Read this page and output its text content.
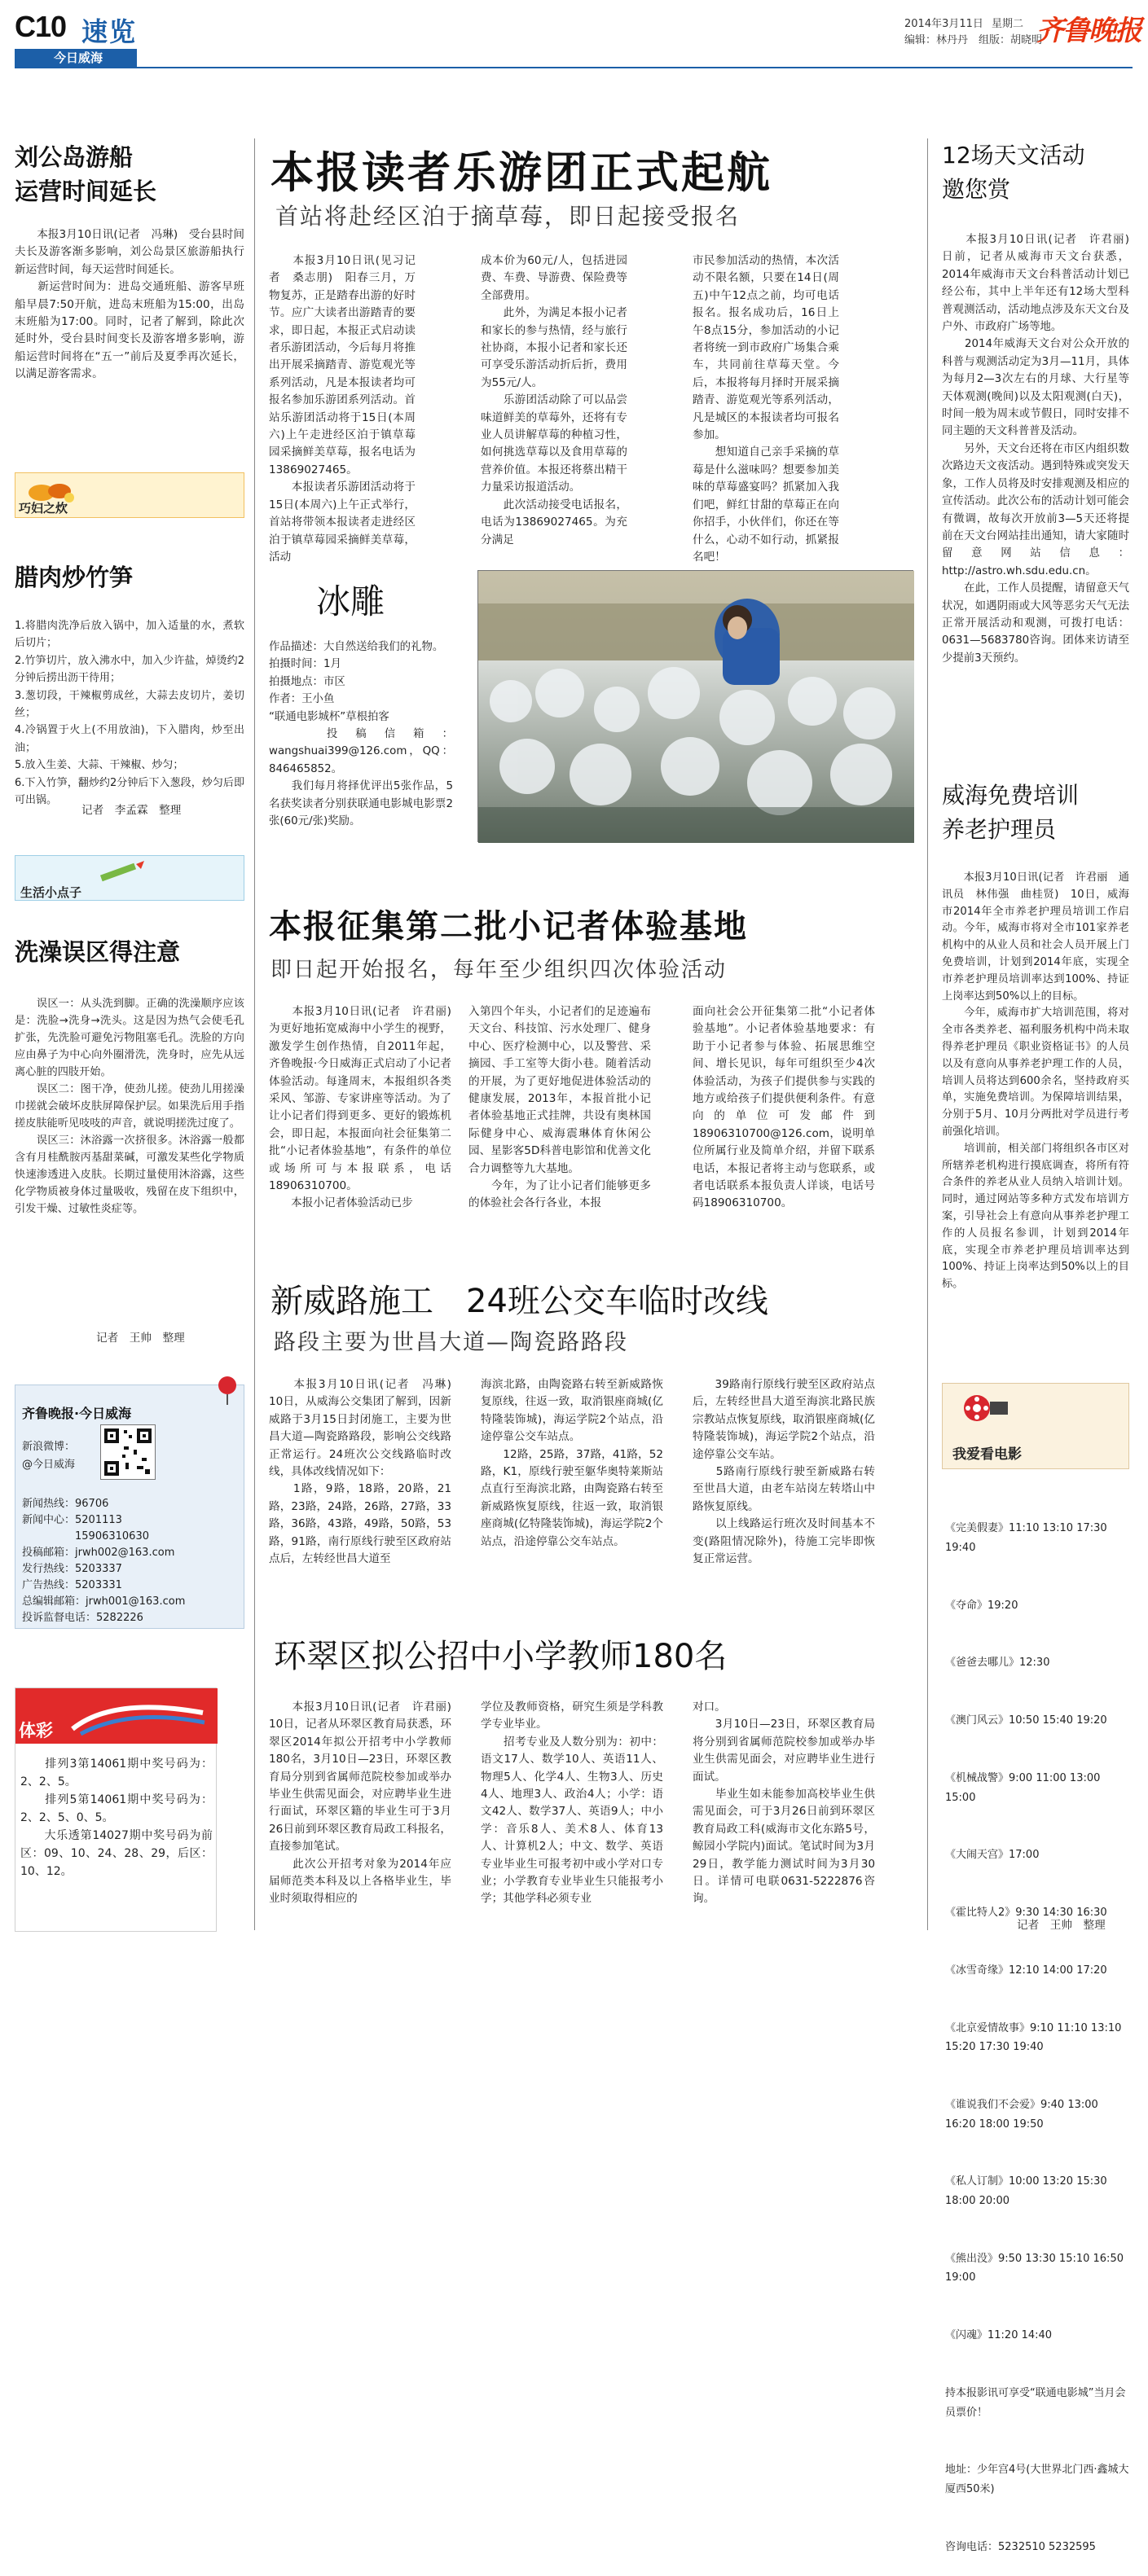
C10 速览
今日威海
2014年3月11日 星期二
编辑：林丹丹　组版：胡晓明
齐鲁晚报
刘公岛游船
运营时间延长
　　本报3月10日讯(记者　冯琳)　受台县时间夫长及游客渐多影响，刘公岛景区旅游船执行新运营时间，每天运营时间延长。
　　新运营时间为：进岛交通班船、游客早班船早晨7:50开航，进岛末班船为15:00，出岛末班船为17:00。同时，记者了解到，除此次延时外，受台县时间变长及游客增多影响，游船运营时间将在“五一”前后及夏季再次延长，以满足游客需求。
巧妇之炊
腊肉炒竹笋
1.将腊肉洗净后放入锅中，加入适量的水，煮软后切片；
2.竹笋切片，放入沸水中，加入少许盐，焯烫约2分钟后捞出沥干待用；
3.葱切段，干辣椒剪成丝，大蒜去皮切片，姜切丝；
4.冷锅置于火上(不用放油)，下入腊肉，炒至出油；
5.放入生姜、大蒜、干辣椒、炒匀；
6.下入竹笋，翻炒约2分钟后下入葱段，炒匀后即可出锅。
记者　李孟霖　整理
生活小点子
洗澡误区得注意
　　误区一：从头洗到脚。正确的洗澡顺序应该是：洗脸→洗身→洗头。这是因为热气会使毛孔扩张，先洗脸可避免污物阻塞毛孔。洗脸的方向应由鼻子为中心向外圈滑洗，洗身时，应先从远离心脏的四肢开始。
　　误区二：图干净，使劲儿搓。使劲儿用搓澡巾搓就会破坏皮肤屏障保护层。如果洗后用手指搓皮肤能听见吱吱的声音，就说明搓洗过度了。
　　误区三：沐浴露一次挤很多。沐浴露一般都含有月桂酰胺丙基甜菜碱，可激发某些化学物质快速渗透进入皮肤。长期过量使用沐浴露，这些化学物质被身体过量吸收，残留在皮下组织中，引发干燥、过敏性炎症等。
记者　王帅　整理
齐鲁晚报·今日威海
新浪微博：
@今日威海
新闻热线：96706
新闻中心：5201113
　　　　　15906310630
投稿邮箱：jrwh002@163.com
发行热线：5203337
广告热线：5203331
总编辑邮箱：jrwh001@163.com
投诉监督电话：5282226
体彩
　　排列3第14061期中奖号码为：2、2、5。
　　排列5第14061期中奖号码为：2、2、5、0、5。
　　大乐透第14027期中奖号码为前区：09、10、24、28、29，后区：10、12。
本报读者乐游团正式起航
首站将赴经区泊于摘草莓，即日起接受报名
　　本报3月10日讯(见习记者　桑志朋)　阳春三月，万物复苏，正是踏春出游的好时节。应广大读者出游踏青的要求，即日起，本报正式启动读者乐游团活动，今后每月将推出开展采摘踏青、游览观光等系列活动，凡是本报读者均可报名参加乐游团系列活动。首站乐游团活动将于15日(本周六)上午走进经区泊于镇草莓园采摘鲜美草莓，报名电话为13869027465。
　　本报读者乐游团活动将于15日(本周六)上午正式举行，首站将带领本报读者走进经区泊于镇草莓园采摘鲜美草莓，活动
成本价为60元/人，包括进园费、车费、导游费、保险费等全部费用。
　　此外，为满足本报小记者和家长的参与热情，经与旅行社协商，本报小记者和家长还可享受乐游活动折后折，费用为55元/人。
　　乐游团活动除了可以品尝味道鲜美的草莓外，还将有专业人员讲解草莓的种植习性，如何挑选草莓以及食用草莓的营养价值。本报还将蔡出精干力量采访报道活动。
　　此次活动接受电话报名，电话为13869027465。为充分满足
市民参加活动的热情，本次活动不限名额，只要在14日(周五)中午12点之前，均可电话报名。报名成功后，16日上午8点15分，参加活动的小记者将统一到市政府广场集合乘车，共同前往草莓天堂。今后，本报将每月择时开展采摘踏青、游览观光等系列活动，凡是城区的本报读者均可报名参加。
　　想知道自己亲手采摘的草莓是什么滋味吗？想要参加美味的草莓盛宴吗？抓紧加入我们吧，鲜红甘甜的草莓正在向你招手，小伙伴们，你还在等什么，心动不如行动，抓紧报名吧！
冰雕
作品描述：大自然送给我们的礼物。
拍摄时间：1月
拍摄地点：市区
作者：王小鱼
“联通电影城杯”草根拍客
　　投稿信箱：wangshuai399@126.com，QQ：846465852。
　　我们每月将择优评出5张作品，5名获奖读者分别获联通电影城电影票2张(60元/张)奖励。
本报征集第二批小记者体验基地
即日起开始报名，每年至少组织四次体验活动
　　本报3月10日讯(记者　许君丽)　为更好地拓宽威海中小学生的视野，激发学生创作热情，自2011年起，齐鲁晚报·今日威海正式启动了小记者体验活动。每逢周末，本报组织各类采风、邹游、专家讲座等活动。为了让小记者们得到更多、更好的锻炼机会，即日起，本报面向社会征集第二批“小记者体验基地”，有条件的单位或场所可与本报联系，电话18906310700。
　　本报小记者体验活动已步
入第四个年头，小记者们的足迹遍布天文台、科技馆、污水处理厂、健身中心、医疗检测中心，以及警营、采摘园、手工室等大街小巷。随着活动的开展，为了更好地促进体验活动的健康发展，2013年，本报首批小记者体验基地正式挂牌，共设有奥林国际健身中心、威海震琳体育休闲公园、星影客5D科普电影馆和优善文化合力调整等九大基地。
　　今年，为了让小记者们能够更多的体验社会各行各业，本报
面向社会公开征集第二批“小记者体验基地”。小记者体验基地要求：有助于小记者参与体验、拓展思维空间、增长见识，每年可组织至少4次体验活动，为孩子们提供参与实践的地方或给孩子们提供便利条件。有意向的单位可发邮件到18906310700@126.com，说明单位所属行业及简单介绍，并留下联系电话，本报记者将主动与您联系，或者电话联系本报负责人详谈，电话号码18906310700。
新威路施工　24班公交车临时改线
路段主要为世昌大道—陶瓷路路段
　　本报3月10日讯(记者　冯琳)　10日，从威海公交集团了解到，因新威路于3月15日封闭施工，主要为世昌大道—陶瓷路路段，影响公交线路正常运行。24班次公交线路临时改线，具体改线情况如下：
　　1路，9路，18路，20路，21路，23路，24路，26路，27路，33路，36路，43路，49路，50路，53路，91路，南行原线行驶至区政府站点后，左转经世昌大道至
海滨北路，由陶瓷路右转至新威路恢复原线，往返一致，取消银座商城(亿特隆装饰城)，海运学院2个站点，沿途停靠公交车站点。
　　12路，25路，37路，41路，52路，K1，原线行驶至躯华奥特莱斯站点直行至海滨北路，由陶瓷路右转至新威路恢复原线，往返一致，取消银座商城(亿特隆装饰城)，海运学院2个站点，沿途停靠公交车站点。
　　39路南行原线行驶至区政府站点后，左转经世昌大道至海滨北路民族宗教站点恢复原线，取消银座商城(亿特隆装饰城)，海运学院2个站点，沿途停靠公交车站。
　　5路南行原线行驶至新威路右转至世昌大道，由老车站岗左转塔山中路恢复原线。
　　以上线路运行班次及时间基本不变(路阻情况除外)，待施工完毕即恢复正常运营。
环翠区拟公招中小学教师180名
　　本报3月10日讯(记者　许君丽)　10日，记者从环翠区教育局获悉，环翠区2014年拟公开招考中小学教师180名，3月10日—23日，环翠区教育局分别到省属师范院校参加或举办毕业生供需见面会，对应聘毕业生进行面试，环翠区籍的毕业生可于3月26日前到环翠区教育局政工科报名，直接参加笔试。
　　此次公开招考对象为2014年应届师范类本科及以上各格毕业生，毕业时须取得相应的
学位及教师资格，研究生须是学科教学专业毕业。
　　招考专业及人数分别为：初中：语文17人、数学10人、英语11人、物理5人、化学4人、生物3人、历史4人、地理3人、政治4人；小学：语文42人、数学37人、英语9人；中小学：音乐8人、美术8人、体育13人、计算机2人；中文、数学、英语专业毕业生可报考初中或小学对口专业；小学教育专业毕业生只能报考小学；其他学科必须专业
对口。
　　3月10日—23日，环翠区教育局将分别到省属师范院校参加或举办毕业生供需见面会，对应聘毕业生进行面试。
　　毕业生如未能参加高校毕业生供需见面会，可于3月26日前到环翠区教育局政工科(威海市文化东路5号，鲸园小学院内)面试。笔试时间为3月29日，教学能力测试时间为3月30日。详情可电联0631-5222876咨询。
12场天文活动
邀您赏
　　本报3月10日讯(记者　许君丽)　日前，记者从威海市天文台获悉，2014年威海市天文台科普活动计划已经公布，其中上半年还有12场大型科普观测活动，活动地点涉及东天文台及户外、市政府广场等地。
　　2014年威海天文台对公众开放的科普与观测活动定为3月—11月，具体为每月2—3次左右的月球、大行星等天体观测(晚间)以及太阳观测(白天)，时间一般为周末或节假日，同时安排不同主题的天文科普普及活动。
　　另外，天文台还将在市区内组织数次路边天文夜活动。遇到特殊或突发天象，工作人员将及时安排观测及相应的宣传活动。此次公布的活动计划可能会有微调，故每次开放前3—5天还将提前在天文台网站挂出通知，请大家随时留意网站信息：http://astro.wh.sdu.edu.cn。
　　在此，工作人员提醒，请留意天气状况，如遇阴雨或大风等恶劣天气无法正常开展活动和观测，可拨打电话：0631—5683780咨询。团体来访请至少提前3天预约。
威海免费培训
养老护理员
　　本报3月10日讯(记者　许君丽　通讯员　林伟强　曲桂贤)　10日，威海市2014年全市养老护理员培训工作启动。今年，威海市将对全市101家养老机构中的从业人员和社会人员开展上门免费培训，计划到2014年底，实现全市养老护理员培训率达到100%、持证上岗率达到50%以上的目标。
　　今年，威海市扩大培训范围，将对全市各类养老、福利服务机构中尚未取得养老护理员《职业资格证书》的人员以及有意向从事养老护理工作的人员，培训人员将达到600余名，坚持政府买单，实施免费培训。为保障培训结果，分别于5月、10月分两批对学员进行考前强化培训。
　　培训前，相关部门将组织各市区对所辖养老机构进行摸底调查，将所有符合条件的养老从业人员纳入培训计划。同时，通过网站等多种方式发布培训方案，引导社会上有意向从事养老护理工作的人员报名参训，计划到2014年底，实现全市养老护理员培训率达到100%、持证上岗率达到50%以上的目标。
我爱看电影

《完美假妻》11:10 13:10 17:30 19:40

《夺命》19:20

《爸爸去哪儿》12:30

《澳门风云》10:50 15:40 19:20

《机械战警》9:00 11:00 13:00 15:00

《大闹天宫》17:00

《霍比特人2》9:30 14:30 16:30

《冰雪奇缘》12:10 14:00 17:20

《北京爱情故事》9:10 11:10 13:10 15:20 17:30 19:40

《谁说我们不会爱》9:40 13:00 16:20 18:00 19:50

《私人订制》10:00 13:20 15:30 18:00 20:00

《熊出没》9:50 13:30 15:10 16:50 19:00

《闪魂》11:20 14:40

持本报影讯可享受“联通电影城”当月会员票价！

地址：少年宫4号(大世界北门西·鑫城大厦西50米)

咨询电话：5232510 5232595

记者　王帅　整理
